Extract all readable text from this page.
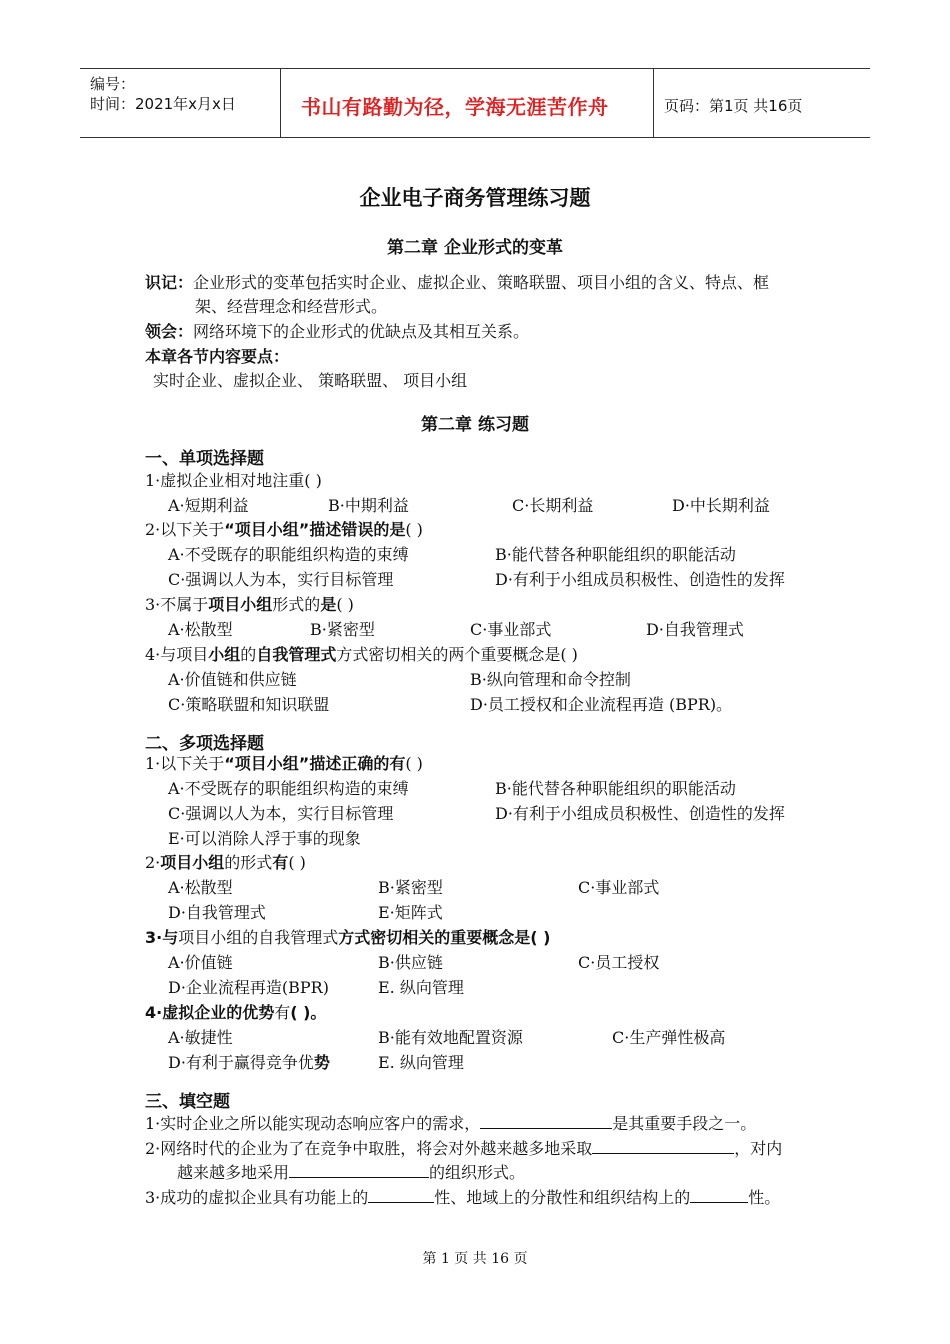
编号：
时间：2021年x月x日	书山有路勤为径，学海无涯苦作舟	页码：第1页 共16页
企业电子商务管理练习题
第二章 企业形式的变革
识记：企业形式的变革包括实时企业、虚拟企业、策略联盟、项目小组的含义、特点、框
架、经营理念和经营形式。
领会：网络环境下的企业形式的优缺点及其相互关系。
本章各节内容要点：
实时企业、虚拟企业、 策略联盟、 项目小组
第二章 练习题
一、单项选择题
1·虚拟企业相对地注重( )
A·短期利益	B·中期利益	C·长期利益	D·中长期利益
2·以下关于“项目小组”描述错误的是( )
A·不受既存的职能组织构造的束缚	B·能代替各种职能组织的职能活动
C·强调以人为本，实行目标管理	D·有利于小组成员积极性、创造性的发挥
3·不属于项目小组形式的是( )
A·松散型	B·紧密型	C·事业部式	D·自我管理式
4·与项目小组的自我管理式方式密切相关的两个重要概念是( )
A·价值链和供应链	B·纵向管理和命令控制
C·策略联盟和知识联盟	D·员工授权和企业流程再造 (BPR)。
二、多项选择题
1·以下关于“项目小组”描述正确的有( )
A·不受既存的职能组织构造的束缚	B·能代替各种职能组织的职能活动
C·强调以人为本，实行目标管理	D·有利于小组成员积极性、创造性的发挥
E·可以消除人浮于事的现象
2·项目小组的形式有( )
A·松散型	B·紧密型	C·事业部式
D·自我管理式	E·矩阵式
3·与项目小组的自我管理式方式密切相关的重要概念是( )
A·价值链	B·供应链	C·员工授权
D·企业流程再造(BPR)	E. 纵向管理
4·虚拟企业的优势有( )。
A·敏捷性	B·能有效地配置资源	C·生产弹性极高
D·有利于赢得竞争优势	E. 纵向管理
三、填空题
1·实时企业之所以能实现动态响应客户的需求，	是其重要手段之一。
2·网络时代的企业为了在竞争中取胜，将会对外越来越多地采取	，对内
越来越多地采用	的组织形式。
3·成功的虚拟企业具有功能上的	性、地域上的分散性和组织结构上的	性。
第 1 页 共 16 页
